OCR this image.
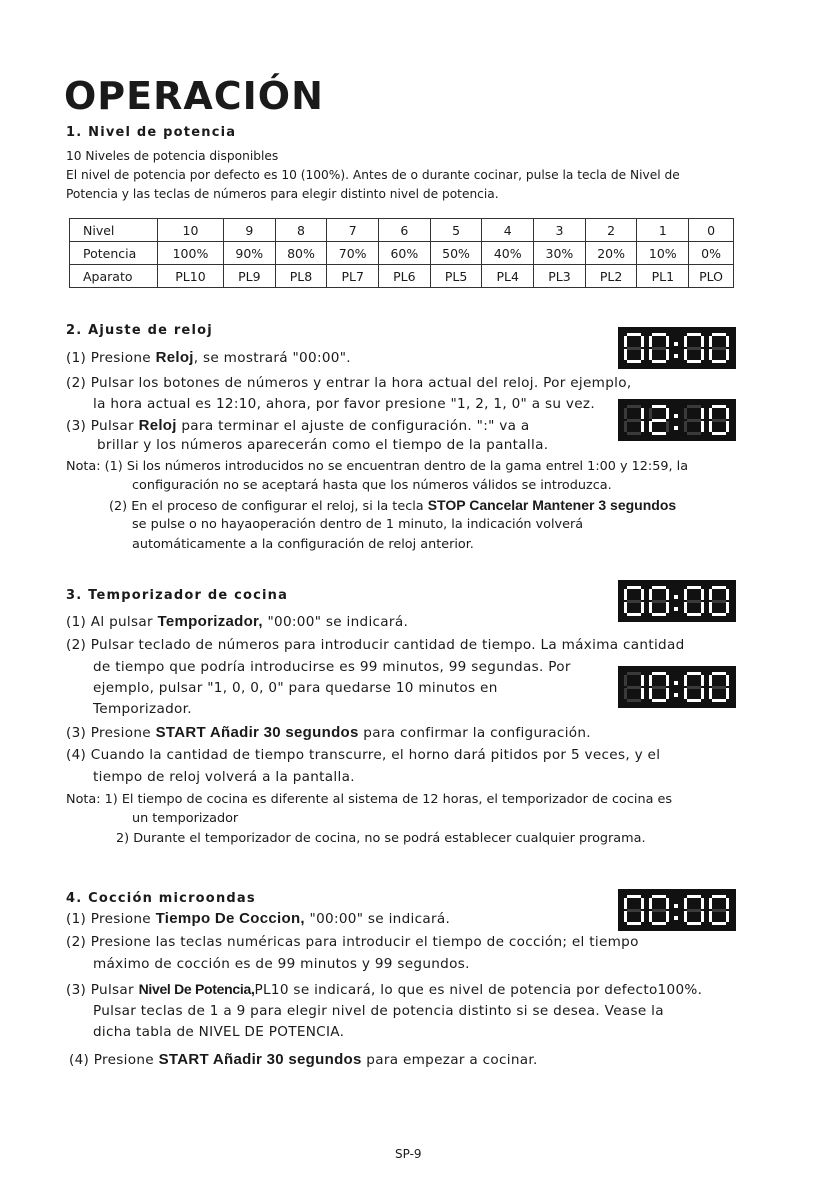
OPERACIÓN
1. Nivel de potencia
10 Niveles de potencia disponibles
El nivel de potencia por defecto es 10 (100%). Antes de o durante cocinar, pulse la tecla de Nivel de
Potencia y las teclas de números para elegir distinto nivel de potencia.
Nivel	10	9	8	7	6	5	4	3	2	1	0
Potencia	100%	90%	80%	70%	60%	50%	40%	30%	20%	10%	0%
Aparato	PL10	PL9	PL8	PL7	PL6	PL5	PL4	PL3	PL2	PL1	PLO
2. Ajuste de reloj
(1) Presione Reloj, se mostrará "00:00".
(2) Pulsar los botones de números y entrar la hora actual del reloj. Por ejemplo,
la hora actual es 12:10, ahora, por favor presione "1, 2, 1, 0" a su vez.
(3) Pulsar Reloj para terminar el ajuste de configuración. ":" va a
brillar y los números aparecerán como el tiempo de la pantalla.
Nota: (1) Si los números introducidos no se encuentran dentro de la gama entrel 1:00 y 12:59, la
configuración no se aceptará hasta que los números válidos se introduzca.
(2) En el proceso de configurar el reloj, si la tecla STOP Cancelar Mantener 3 segundos
se pulse o no hayaoperación dentro de 1 minuto, la indicación volverá
automáticamente a la configuración de reloj anterior.
3. Temporizador de cocina
(1) Al pulsar Temporizador, "00:00" se indicará.
(2) Pulsar teclado de números para introducir cantidad de tiempo. La máxima cantidad
de tiempo que podría introducirse es 99 minutos, 99 segundas. Por
ejemplo, pulsar "1, 0, 0, 0" para quedarse 10 minutos en
Temporizador.
(3) Presione START Añadir 30 segundos para confirmar la configuración.
(4) Cuando la cantidad de tiempo transcurre, el horno dará pitidos por 5 veces, y el
tiempo de reloj volverá a la pantalla.
Nota: 1) El tiempo de cocina es diferente al sistema de 12 horas, el temporizador de cocina es
un temporizador
2) Durante el temporizador de cocina, no se podrá establecer cualquier programa.
4. Cocción microondas
(1) Presione Tiempo De Coccion, "00:00" se indicará.
(2) Presione las teclas numéricas para introducir el tiempo de cocción; el tiempo
máximo de cocción es de 99 minutos y 99 segundos.
(3) Pulsar Nivel De Potencia,PL10 se indicará, lo que es nivel de potencia por defecto100%.
Pulsar teclas de 1 a 9 para elegir nivel de potencia distinto si se desea. Vease la
dicha tabla de NIVEL DE POTENCIA.
(4) Presione START Añadir 30 segundos para empezar a cocinar.
SP-9
